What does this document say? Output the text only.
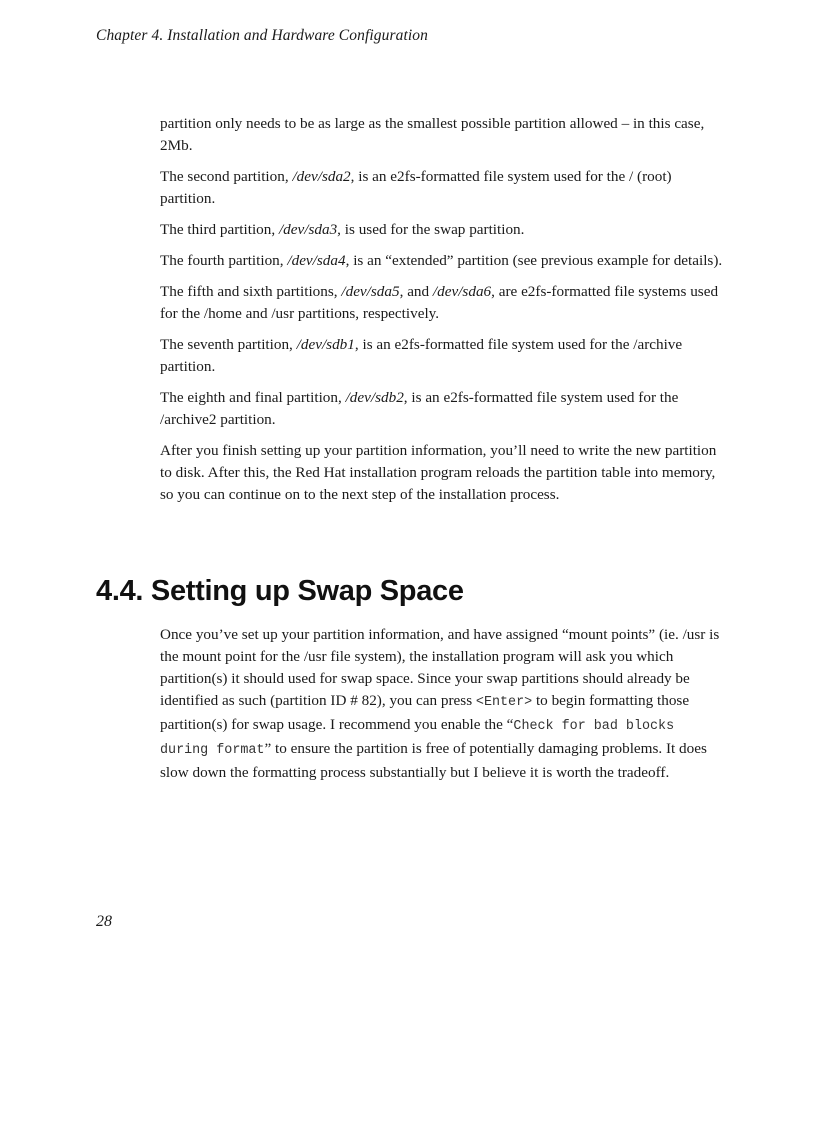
Chapter 4. Installation and Hardware Configuration

partition only needs to be as large as the smallest possible partition allowed – in this case, 2Mb.

The second partition, /dev/sda2, is an e2fs-formatted file system used for the / (root) partition.

The third partition, /dev/sda3, is used for the swap partition.

The fourth partition, /dev/sda4, is an “extended” partition (see previous example for details).

The fifth and sixth partitions, /dev/sda5, and /dev/sda6, are e2fs-formatted file systems used for the /home and /usr partitions, respectively.

The seventh partition, /dev/sdb1, is an e2fs-formatted file system used for the /archive partition.

The eighth and final partition, /dev/sdb2, is an e2fs-formatted file system used for the /archive2 partition.

After you finish setting up your partition information, you’ll need to write the new partition to disk. After this, the Red Hat installation program reloads the partition table into memory, so you can continue on to the next step of the installation process.

4.4. Setting up Swap Space

Once you’ve set up your partition information, and have assigned “mount points” (ie. /usr is the mount point for the /usr file system), the installation program will ask you which partition(s) it should used for swap space. Since your swap partitions should already be identified as such (partition ID # 82), you can press <Enter> to begin formatting those partition(s) for swap usage. I recommend you enable the “Check for bad blocks during format” to ensure the partition is free of potentially damaging problems. It does slow down the formatting process substantially but I believe it is worth the tradeoff.

28
